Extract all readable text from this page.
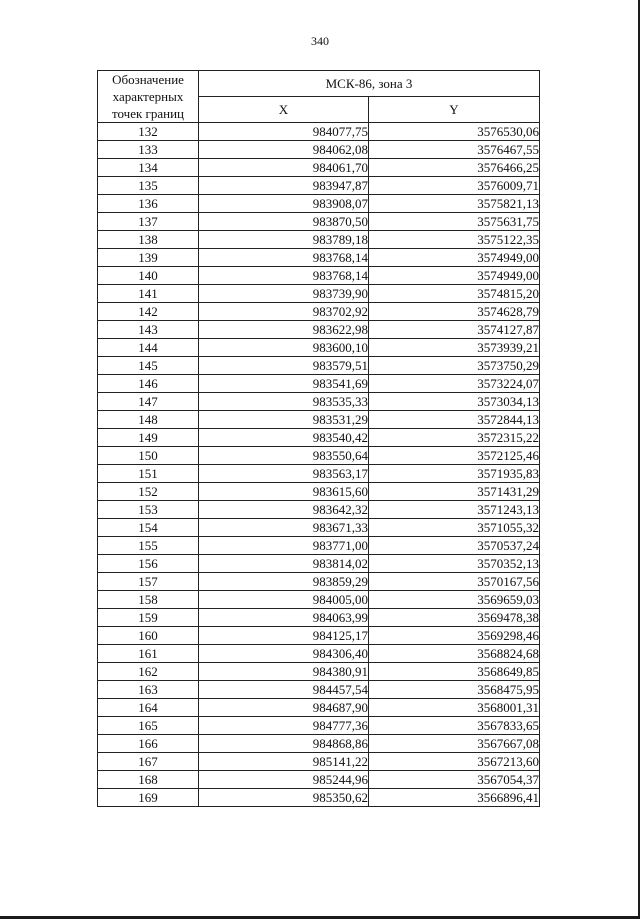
340
Обозначение
характерных
точек границ	МСК-86, зона 3	
	X	Y
132	984077,75	3576530,06
133	984062,08	3576467,55
134	984061,70	3576466,25
135	983947,87	3576009,71
136	983908,07	3575821,13
137	983870,50	3575631,75
138	983789,18	3575122,35
139	983768,14	3574949,00
140	983768,14	3574949,00
141	983739,90	3574815,20
142	983702,92	3574628,79
143	983622,98	3574127,87
144	983600,10	3573939,21
145	983579,51	3573750,29
146	983541,69	3573224,07
147	983535,33	3573034,13
148	983531,29	3572844,13
149	983540,42	3572315,22
150	983550,64	3572125,46
151	983563,17	3571935,83
152	983615,60	3571431,29
153	983642,32	3571243,13
154	983671,33	3571055,32
155	983771,00	3570537,24
156	983814,02	3570352,13
157	983859,29	3570167,56
158	984005,00	3569659,03
159	984063,99	3569478,38
160	984125,17	3569298,46
161	984306,40	3568824,68
162	984380,91	3568649,85
163	984457,54	3568475,95
164	984687,90	3568001,31
165	984777,36	3567833,65
166	984868,86	3567667,08
167	985141,22	3567213,60
168	985244,96	3567054,37
169	985350,62	3566896,41
